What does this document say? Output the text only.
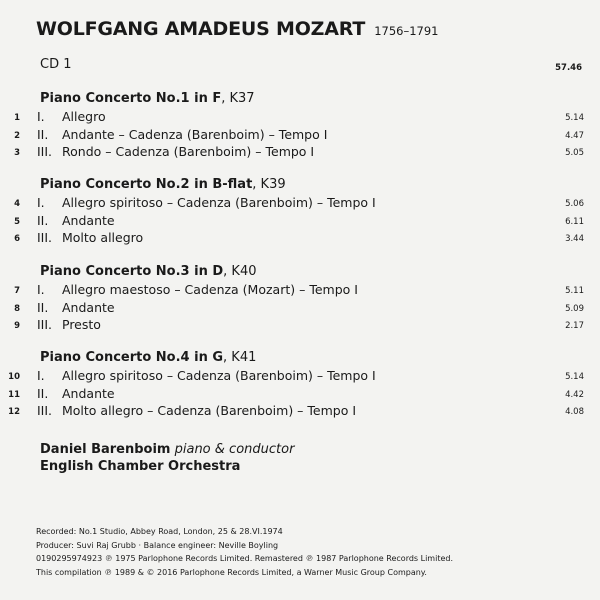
WOLFGANG AMADEUS MOZART 1756–1791
CD 1	57.46
Piano Concerto No.1 in F, K37
1 I. Allegro	5.14
2 II. Andante – Cadenza (Barenboim) – Tempo I	4.47
3 III. Rondo – Cadenza (Barenboim) – Tempo I	5.05
Piano Concerto No.2 in B-flat, K39
4 I. Allegro spiritoso – Cadenza (Barenboim) – Tempo I	5.06
5 II. Andante	6.11
6 III. Molto allegro	3.44
Piano Concerto No.3 in D, K40
7 I. Allegro maestoso – Cadenza (Mozart) – Tempo I	5.11
8 II. Andante	5.09
9 III. Presto	2.17
Piano Concerto No.4 in G, K41
10 I. Allegro spiritoso – Cadenza (Barenboim) – Tempo I	5.14
11 II. Andante	4.42
12 III. Molto allegro – Cadenza (Barenboim) – Tempo I	4.08
Daniel Barenboim piano & conductor
English Chamber Orchestra
Recorded: No.1 Studio, Abbey Road, London, 25 & 28.VI.1974
Producer: Suvi Raj Grubb · Balance engineer: Neville Boyling
0190295974923 ℗ 1975 Parlophone Records Limited. Remastered ℗ 1987 Parlophone Records Limited.
This compilation ℗ 1989 & © 2016 Parlophone Records Limited, a Warner Music Group Company.
